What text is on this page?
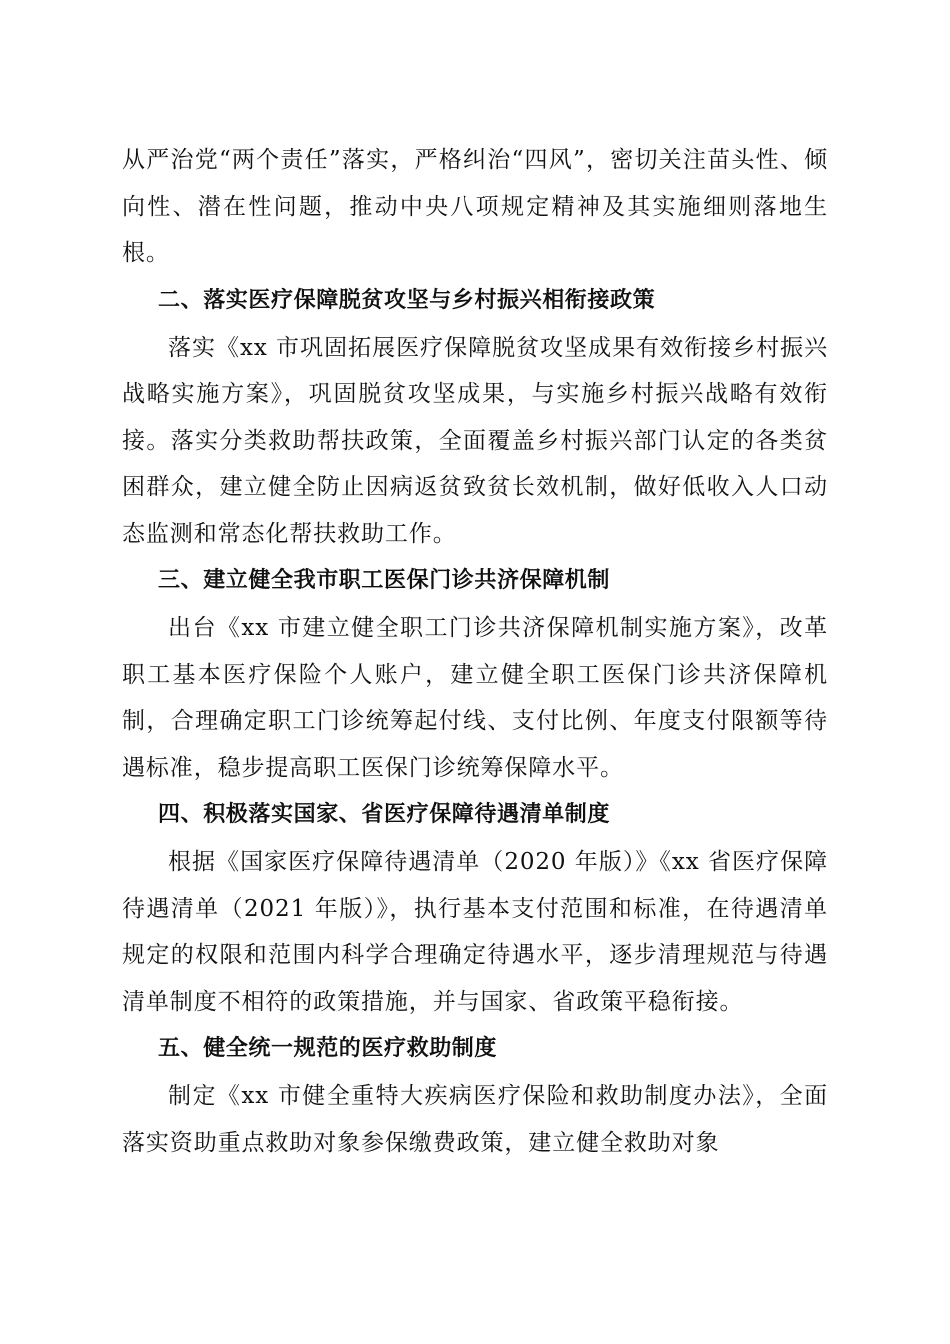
从严治党“两个责任”落实，严格纠治“四风”，密切关注苗头性、倾向性、潜在性问题，推动中央八项规定精神及其实施细则落地生根。

二、落实医疗保障脱贫攻坚与乡村振兴相衔接政策

落实《xx 市巩固拓展医疗保障脱贫攻坚成果有效衔接乡村振兴战略实施方案》，巩固脱贫攻坚成果，与实施乡村振兴战略有效衔接。落实分类救助帮扶政策，全面覆盖乡村振兴部门认定的各类贫困群众，建立健全防止因病返贫致贫长效机制，做好低收入人口动态监测和常态化帮扶救助工作。

三、建立健全我市职工医保门诊共济保障机制

出台《xx 市建立健全职工门诊共济保障机制实施方案》，改革职工基本医疗保险个人账户，建立健全职工医保门诊共济保障机制，合理确定职工门诊统筹起付线、支付比例、年度支付限额等待遇标准，稳步提高职工医保门诊统筹保障水平。

四、积极落实国家、省医疗保障待遇清单制度

根据《国家医疗保障待遇清单（2020 年版）》《xx 省医疗保障待遇清单（2021 年版）》，执行基本支付范围和标准，在待遇清单规定的权限和范围内科学合理确定待遇水平，逐步清理规范与待遇清单制度不相符的政策措施，并与国家、省政策平稳衔接。

五、健全统一规范的医疗救助制度

制定《xx 市健全重特大疾病医疗保险和救助制度办法》，全面落实资助重点救助对象参保缴费政策，建立健全救助对象
